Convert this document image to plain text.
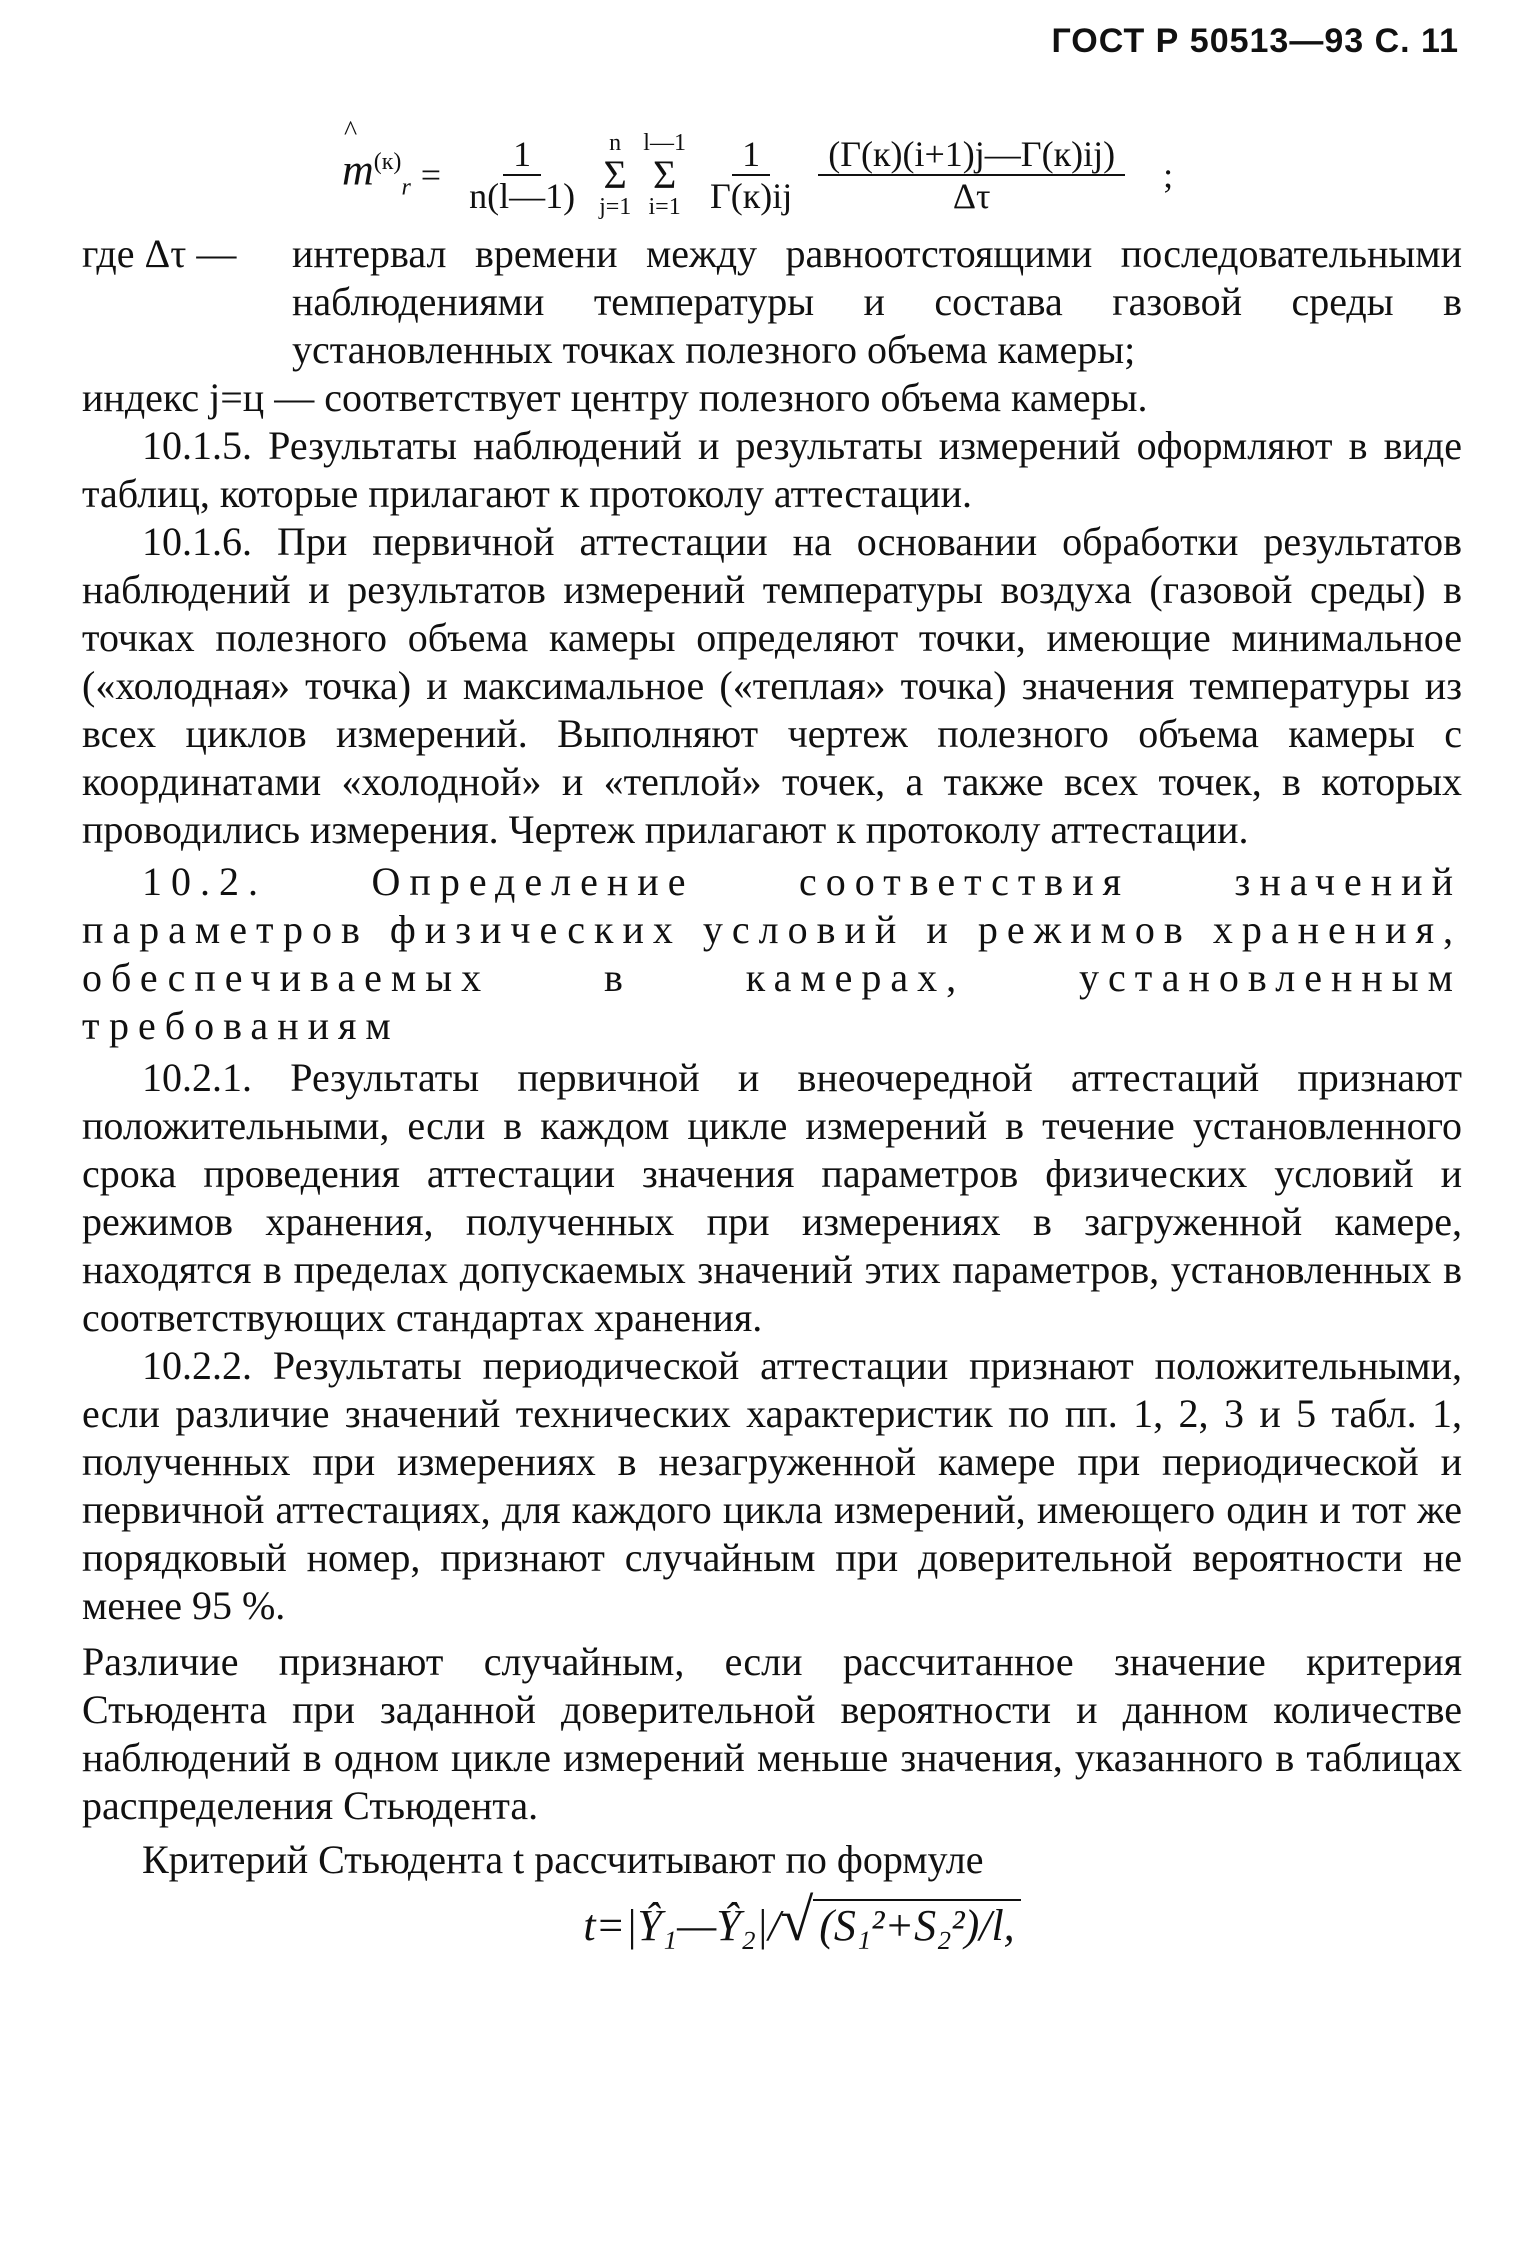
ГОСТ Р 50513—93 С. 11
^
$m^{(к)}_r = \frac{1}{n(l—1)}$ n
Σ
j=1
l—1
Σ
$i=1 \frac{1}{\Gamma(к)ij} \frac{(\Gamma(к)(i+1)j—\Gamma(к)ij)}{\Delta\tau}$ ;
где Δτ —	интервал времени между равноотстоящими последовательными наблюдениями температуры и состава газовой среды в установленных точках полезного объема камеры;

индекс j=ц — соответствует центру полезного объема камеры.

10.1.5. Результаты наблюдений и результаты измерений оформляют в виде таблиц, которые прилагают к протоколу аттестации.

10.1.6. При первичной аттестации на основании обработки результатов наблюдений и результатов измерений температуры воздуха (газовой среды) в точках полезного объема камеры определяют точки, имеющие минимальное («холодная» точка) и максимальное («теплая» точка) значения температуры из всех циклов измерений. Выполняют чертеж полезного объема камеры с координатами «холодной» и «теплой» точек, а также всех точек, в которых проводились измерения. Чертеж прилагают к протоколу аттестации.

10.2. Определение соответствия значений параметров физических условий и режимов хранения, обеспечиваемых в камерах, установленным требованиям

10.2.1. Результаты первичной и внеочередной аттестаций признают положительными, если в каждом цикле измерений в течение установленного срока проведения аттестации значения параметров физических условий и режимов хранения, полученных при измерениях в загруженной камере, находятся в пределах допускаемых значений этих параметров, установленных в соответствующих стандартах хранения.

10.2.2. Результаты периодической аттестации признают положительными, если различие значений технических характеристик по пп. 1, 2, 3 и 5 табл. 1, полученных при измерениях в незагруженной камере при периодической и первичной аттестациях, для каждого цикла измерений, имеющего один и тот же порядковый номер, признают случайным при доверительной вероятности не менее 95 %.

Различие признают случайным, если рассчитанное значение критерия Стьюдента при заданной доверительной вероятности и данном количестве наблюдений в одном цикле измерений меньше значения, указанного в таблицах распределения Стьюдента.

Критерий Стьюдента t рассчитывают по формуле

t=|Ŷ₁—Ŷ₂|/√ (S₁²+S₂²)/l,
